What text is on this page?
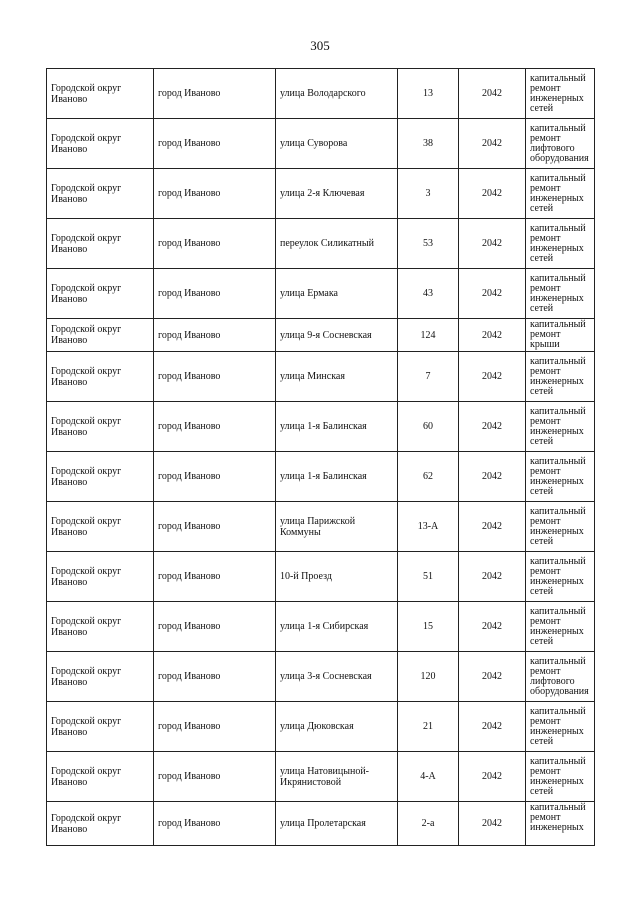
305
Городской округ Иваново	город Иваново	улица Володарского	13	2042	капитальный ремонт инженерных сетей
Городской округ Иваново	город Иваново	улица Суворова	38	2042	капитальный ремонт лифтового оборудования
Городской округ Иваново	город Иваново	улица 2-я Ключевая	3	2042	капитальный ремонт инженерных сетей
Городской округ Иваново	город Иваново	переулок Силикатный	53	2042	капитальный ремонт инженерных сетей
Городской округ Иваново	город Иваново	улица Ермака	43	2042	капитальный ремонт инженерных сетей
Городской округ Иваново	город Иваново	улица 9-я Сосневская	124	2042	капитальный ремонт крыши
Городской округ Иваново	город Иваново	улица Минская	7	2042	капитальный ремонт инженерных сетей
Городской округ Иваново	город Иваново	улица 1-я Балинская	60	2042	капитальный ремонт инженерных сетей
Городской округ Иваново	город Иваново	улица 1-я Балинская	62	2042	капитальный ремонт инженерных сетей
Городской округ Иваново	город Иваново	улица Парижской Коммуны	13-А	2042	капитальный ремонт инженерных сетей
Городской округ Иваново	город Иваново	10-й Проезд	51	2042	капитальный ремонт инженерных сетей
Городской округ Иваново	город Иваново	улица 1-я Сибирская	15	2042	капитальный ремонт инженерных сетей
Городской округ Иваново	город Иваново	улица 3-я Сосневская	120	2042	капитальный ремонт лифтового оборудования
Городской округ Иваново	город Иваново	улица Дюковская	21	2042	капитальный ремонт инженерных сетей
Городской округ Иваново	город Иваново	улица Натовицыной-Икрянистовой	4-А	2042	капитальный ремонт инженерных сетей
Городской округ Иваново	город Иваново	улица Пролетарская	2-а	2042	капитальный ремонт инженерных
